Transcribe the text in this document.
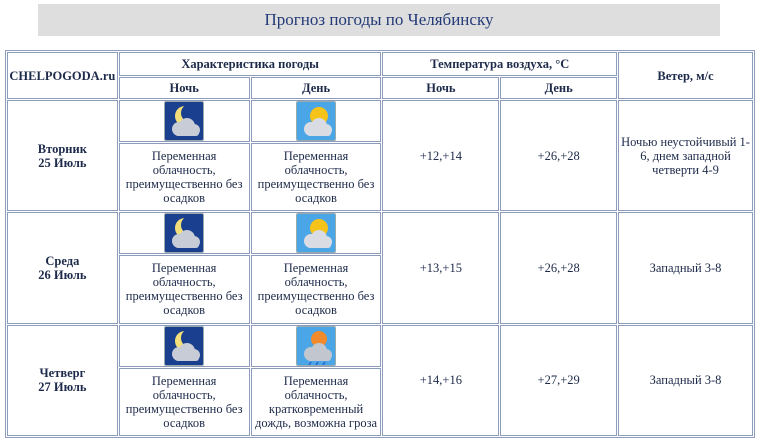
Прогноз погоды по Челябинску
CHELPOGODA.ru	Характеристика погоды		Температура воздуха, °С		Ветер, м/с
	Ночь	День	Ночь	День	

Вторник
25 Июль			+12,+14	+26,+28	Ночью неустойчивый 1-6, днем западной четверти 4-9
	Переменная облачность, преимущественно без осадков	Переменная облачность, преимущественно без осадков			

Среда
26 Июль			+13,+15	+26,+28	Западный 3-8
	Переменная облачность, преимущественно без осадков	Переменная облачность, преимущественно без осадков			

Четверг
27 Июль			+14,+16	+27,+29	Западный 3-8
	Переменная облачность, преимущественно без осадков	Переменная облачность, кратковременный дождь, возможна гроза			
